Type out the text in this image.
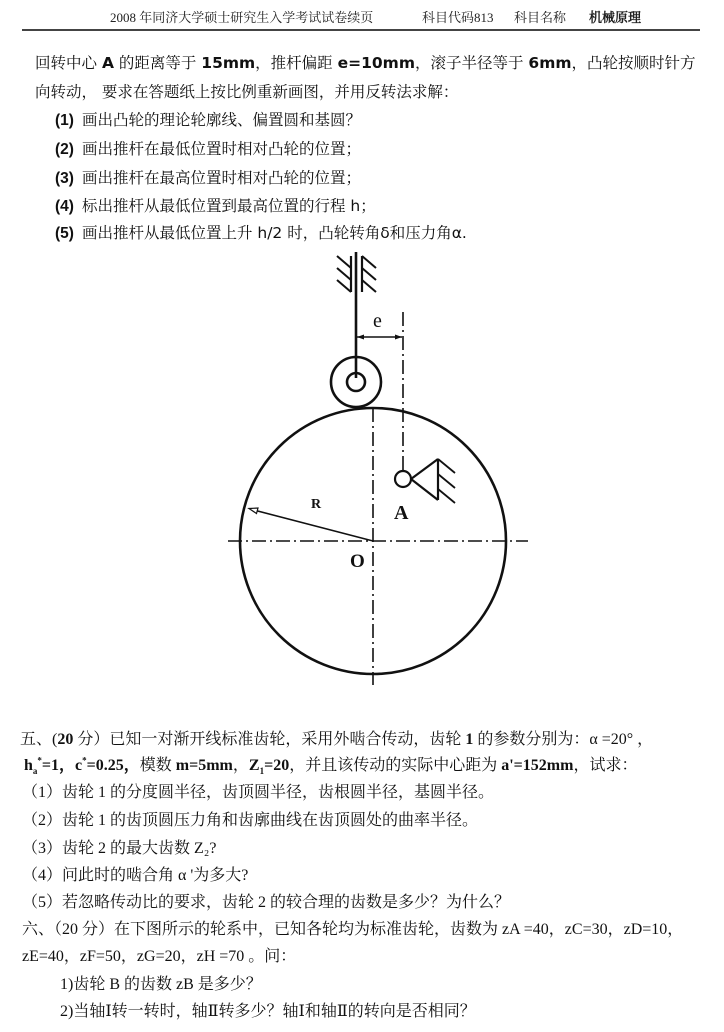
2008 年同济大学硕士研究生入学考试试卷续页	科目代码813 科目名称 机械原理
回转中心 A 的距离等于 15mm，推杆偏距 e=10mm，滚子半径等于 6mm，凸轮按顺时针方
向转动， 要求在答题纸上按比例重新画图，并用反转法求解：
(1) 画出凸轮的理论轮廓线、偏置圆和基圆？
(2) 画出推杆在最低位置时相对凸轮的位置；
(3) 画出推杆在最高位置时相对凸轮的位置；
(4) 标出推杆从最低位置到最高位置的行程 h；
(5) 画出推杆从最低位置上升 h/2 时，凸轮转角δ和压力角α.
e
R	A
O
五、(20 分）已知一对渐开线标准齿轮，采用外啮合传动，齿轮 1 的参数分别为：α =20° ，
$h_a^*=1$，c*=0.25，模数 m=5mm，$Z_1=20$，并且该传动的实际中心距为 a'=152mm，试求：
（1）齿轮 1 的分度圆半径，齿顶圆半径，齿根圆半径，基圆半径。
（2）齿轮 1 的齿顶圆压力角和齿廓曲线在齿顶圆处的曲率半径。
（3）齿轮 2 的最大齿数 Z₂?
（4）问此时的啮合角 α '为多大?
（5）若忽略传动比的要求，齿轮 2 的较合理的齿数是多少？为什么？
六、（20 分）在下图所示的轮系中，已知各轮均为标准齿轮，齿数为 zA =40，zC=30，zD=10，
zE=40，zF=50，zG=20，zH =70 。问：
1)齿轮 B 的齿数 zB 是多少？
2)当轴Ⅰ转一转时，轴Ⅱ转多少？轴Ⅰ和轴Ⅱ的转向是否相同？
